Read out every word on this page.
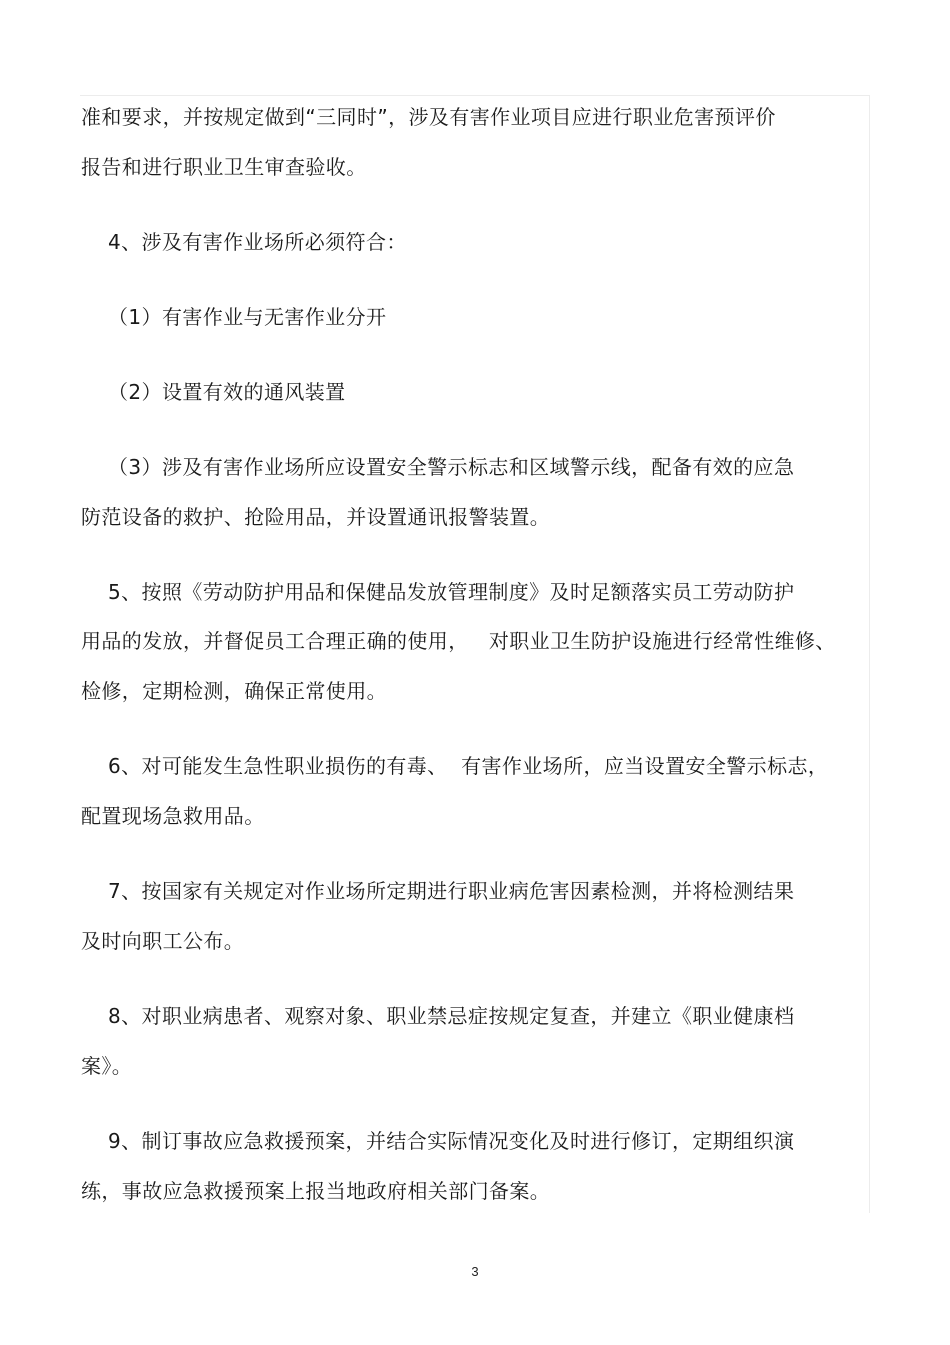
准和要求，并按规定做到“三同时”，涉及有害作业项目应进行职业危害预评价
报告和进行职业卫生审查验收。
4、涉及有害作业场所必须符合：
（1）有害作业与无害作业分开
（2）设置有效的通风装置
（3）涉及有害作业场所应设置安全警示标志和区域警示线，配备有效的应急
防范设备的救护、抢险用品，并设置通讯报警装置。
5、按照《劳动防护用品和保健品发放管理制度》及时足额落实员工劳动防护
用品的发放，并督促员工合理正确的使用，   对职业卫生防护设施进行经常性维修、
检修，定期检测，确保正常使用。
6、对可能发生急性职业损伤的有毒、  有害作业场所，应当设置安全警示标志，
配置现场急救用品。
7、按国家有关规定对作业场所定期进行职业病危害因素检测，并将检测结果
及时向职工公布。
8、对职业病患者、观察对象、职业禁忌症按规定复查，并建立《职业健康档
案》。
9、制订事故应急救援预案，并结合实际情况变化及时进行修订，定期组织演
练，事故应急救援预案上报当地政府相关部门备案。
3
